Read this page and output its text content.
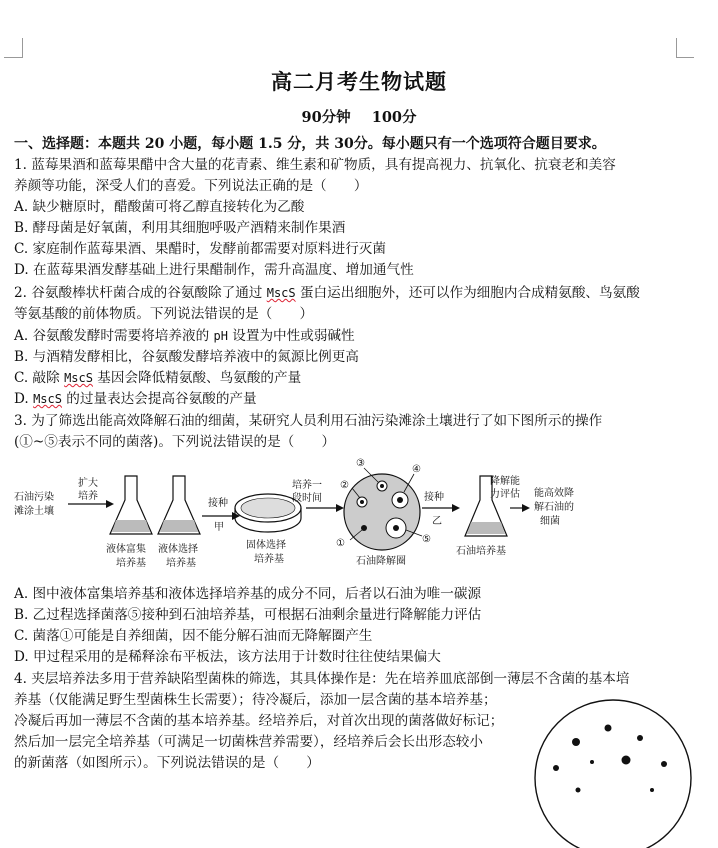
高二月考生物试题
90分钟 100分
一、选择题：本题共 20 小题，每小题 1.5 分，共 30分。每小题只有一个选项符合题目要求。
1. 蓝莓果酒和蓝莓果醋中含大量的花青素、维生素和矿物质，具有提高视力、抗氧化、抗衰老和美容
养颜等功能，深受人们的喜爱。下列说法正确的是（　　）
A. 缺少糖原时，醋酸菌可将乙醇直接转化为乙酸
B. 酵母菌是好氧菌，利用其细胞呼吸产酒精来制作果酒
C. 家庭制作蓝莓果酒、果醋时，发酵前都需要对原料进行灭菌
D. 在蓝莓果酒发酵基础上进行果醋制作，需升高温度、增加通气性
2. 谷氨酸棒状杆菌合成的谷氨酸除了通过 MscS 蛋白运出细胞外，还可以作为细胞内合成精氨酸、鸟氨酸
等氨基酸的前体物质。下列说法错误的是（　　）
A. 谷氨酸发酵时需要将培养液的 pH 设置为中性或弱碱性
B. 与酒精发酵相比，谷氨酸发酵培养液中的氮源比例更高
C. 敲除 MscS 基因会降低精氨酸、鸟氨酸的产量
D. MscS 的过量表达会提高谷氨酸的产量
3. 为了筛选出能高效降解石油的细菌，某研究人员利用石油污染滩涂土壤进行了如下图所示的操作
(①~⑤表示不同的菌落)。下列说法错误的是（　　）
石油污染
滩涂土壤
扩大
培养
液体富集
培养基
液体选择
培养基
接种
甲
固体选择
培养基
培养一
段时间
②
③
④
①	⑤
石油降解圈
接种
乙
石油培养基
降解能
力评估 能高效降
解石油的
细菌
A. 图中液体富集培养基和液体选择培养基的成分不同，后者以石油为唯一碳源
B. 乙过程选择菌落⑤接种到石油培养基，可根据石油剩余量进行降解能力评估
C. 菌落①可能是自养细菌，因不能分解石油而无降解圈产生
D. 甲过程采用的是稀释涂布平板法，该方法用于计数时往往使结果偏大
4. 夹层培养法多用于营养缺陷型菌株的筛选，其具体操作是：先在培养皿底部倒一薄层不含菌的基本培
养基（仅能满足野生型菌株生长需要）；待冷凝后，添加一层含菌的基本培养基；
冷凝后再加一薄层不含菌的基本培养基。经培养后，对首次出现的菌落做好标记；
然后加一层完全培养基（可满足一切菌株营养需要），经培养后会长出形态较小
的新菌落（如图所示）。下列说法错误的是（　　）
